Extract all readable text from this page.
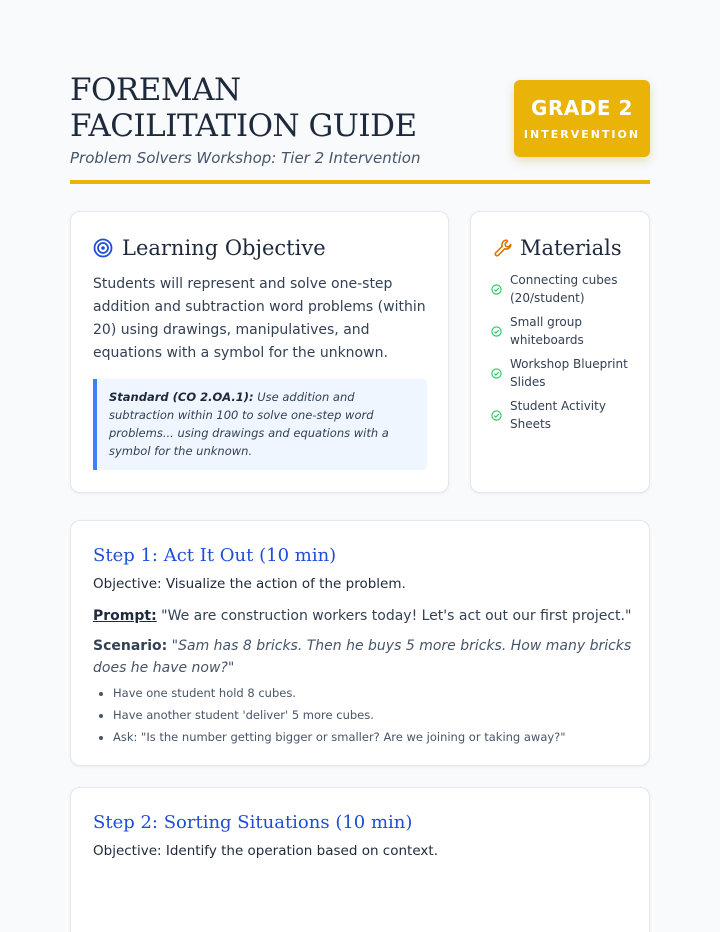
FOREMAN FACILITATION GUIDE
Problem Solvers Workshop: Tier 2 Intervention
GRADE 2
INTERVENTION
Learning Objective

Students will represent and solve one-step addition and subtraction word problems (within 20) using drawings, manipulatives, and equations with a symbol for the unknown.

Standard (CO 2.OA.1): Use addition and subtraction within 100 to solve one-step word problems... using drawings and equations with a symbol for the unknown.
Materials
Connecting cubes (20/student)
Small group whiteboards
Workshop Blueprint Slides
Student Activity Sheets
Step 1: Act It Out (10 min)
Objective: Visualize the action of the problem.
Prompt: "We are construction workers today! Let's act out our first project."
Scenario: "Sam has 8 bricks. Then he buys 5 more bricks. How many bricks does he have now?"
• Have one student hold 8 cubes.
• Have another student 'deliver' 5 more cubes.
• Ask: "Is the number getting bigger or smaller? Are we joining or taking away?"
Step 2: Sorting Situations (10 min)
Objective: Identify the operation based on context.
